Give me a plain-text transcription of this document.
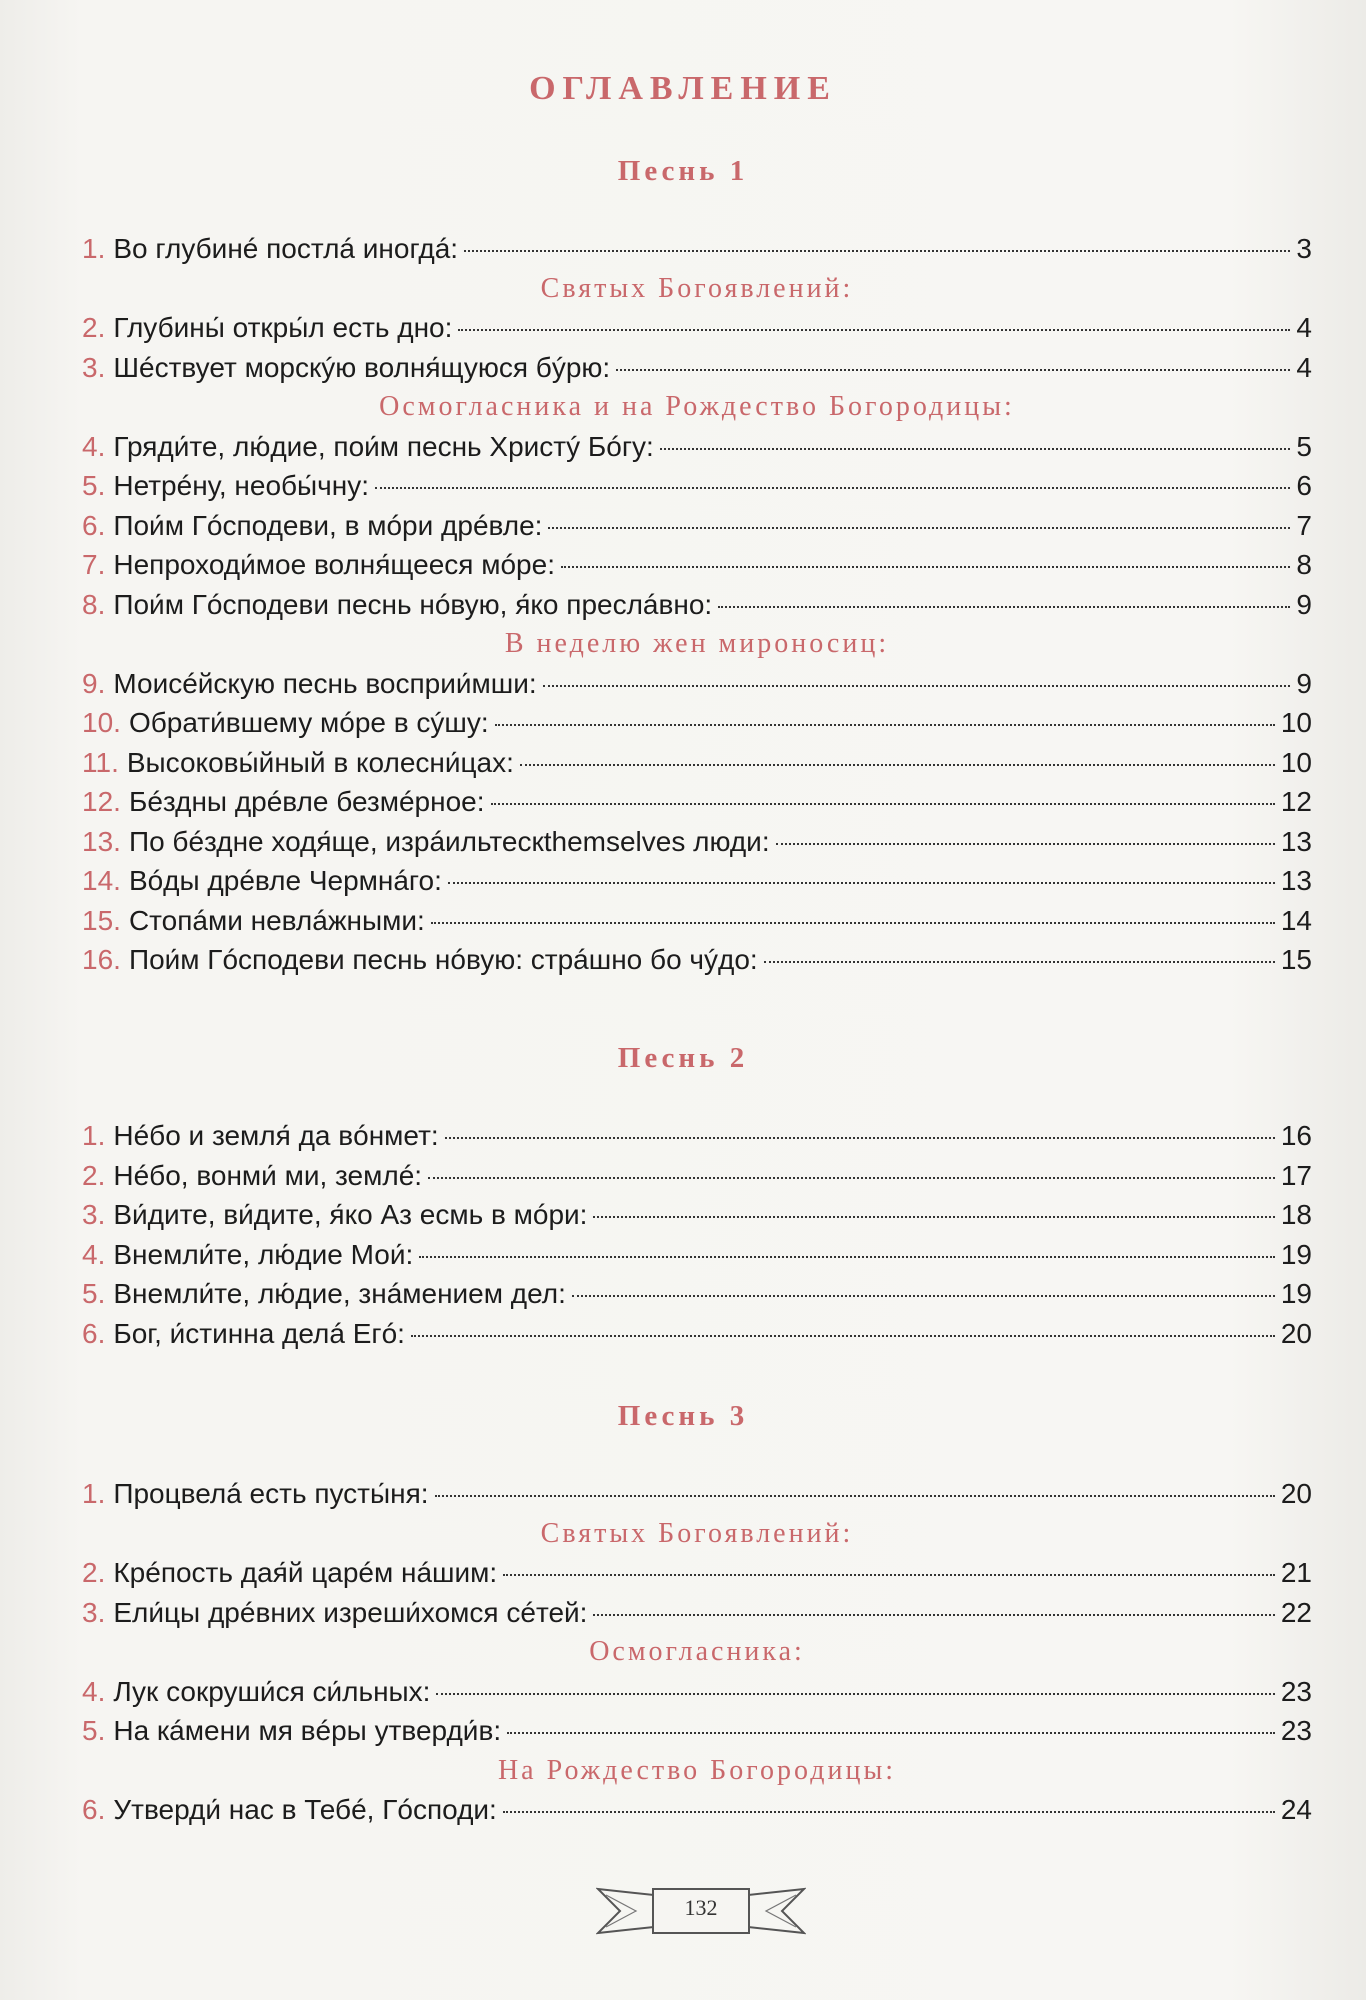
ОГЛАВЛЕНИЕ
Песнь 1
1. Во глубинé постлá иногдá:	3
Святых Богоявлений:
2. Глубины́ откры́л есть дно:	4
3. Шéствует морскýю волня́щуюся бýрю:	4
Осмогласника и на Рождество Богородицы:
4. Гряди́те, лю́дие, пои́м песнь Христý Бóгу:	5
5. Нетрéну, необы́чну:	6
6. Пои́м Гóсподеви, в мóри дрéвле:	7
7. Непроходи́мое волня́щееся мóре:	8
8. Пои́м Гóсподеви песнь нóвую, я́ко преслáвно:	9
В неделю жен мироносиц:
9. Моисéйскую песнь восприи́мши:	9
10. Обрати́вшему мóре в сýшу:	10
11. Высоковы́йный в колесни́цах:	10
12. Бéздны дрéвле безмéрное:	12
13. По бéздне ходя́ще, изрáильтескthemselves люди:	13
14. Вóды дрéвле Чермнáго:	13
15. Стопáми невлáжными:	14
16. Пои́м Гóсподеви песнь нóвую: стрáшно бо чýдо:	15
Песнь 2
1. Нéбо и земля́ да вóнмет:	16
2. Нéбо, вонми́ ми, землé:	17
3. Ви́дите, ви́дите, я́ко Аз есмь в мóри:	18
4. Внемли́те, лю́дие Мои́:	19
5. Внемли́те, лю́дие, знáмением дел:	19
6. Бог, и́стинна делá Егó:	20
Песнь 3
1. Процвелá есть пусты́ня:	20
Святых Богоявлений:
2. Крéпость дая́й царéм нáшим:	21
3. Ели́цы дрéвних изреши́хомся сéтей:	22
Осмогласника:
4. Лук сокруши́ся си́льных:	23
5. На кáмени мя вéры утверди́в:	23
На Рождество Богородицы:
6. Утверди́ нас в Тебé, Гóсподи:	24
132
